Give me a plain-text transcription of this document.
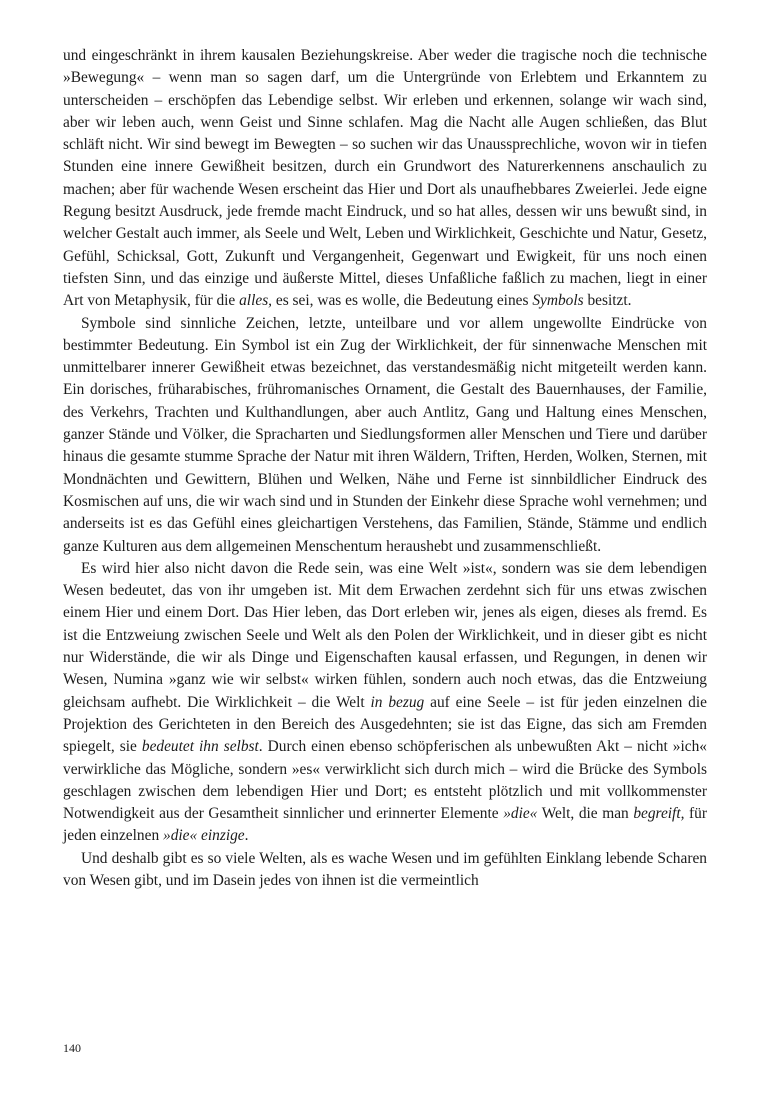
und eingeschränkt in ihrem kausalen Beziehungskreise. Aber weder die tragische noch die technische »Bewegung« – wenn man so sagen darf, um die Untergründe von Erlebtem und Erkanntem zu unterscheiden – erschöpfen das Lebendige selbst. Wir erleben und erkennen, solange wir wach sind, aber wir leben auch, wenn Geist und Sinne schlafen. Mag die Nacht alle Augen schließen, das Blut schläft nicht. Wir sind bewegt im Bewegten – so suchen wir das Unaussprechliche, wovon wir in tiefen Stunden eine innere Gewißheit besitzen, durch ein Grundwort des Naturerkennens anschaulich zu machen; aber für wachende Wesen erscheint das Hier und Dort als unaufhebbares Zweierlei. Jede eigne Regung besitzt Ausdruck, jede fremde macht Eindruck, und so hat alles, dessen wir uns bewußt sind, in welcher Gestalt auch immer, als Seele und Welt, Leben und Wirklichkeit, Geschichte und Natur, Gesetz, Gefühl, Schicksal, Gott, Zukunft und Vergangenheit, Gegenwart und Ewigkeit, für uns noch einen tiefsten Sinn, und das einzige und äußerste Mittel, dieses Unfaßliche faßlich zu machen, liegt in einer Art von Metaphysik, für die alles, es sei, was es wolle, die Bedeutung eines Symbols besitzt.

Symbole sind sinnliche Zeichen, letzte, unteilbare und vor allem ungewollte Eindrücke von bestimmter Bedeutung. Ein Symbol ist ein Zug der Wirklichkeit, der für sinnenwache Menschen mit unmittelbarer innerer Gewißheit etwas bezeichnet, das verstandesmäßig nicht mitgeteilt werden kann. Ein dorisches, früharabisches, frühromanisches Ornament, die Gestalt des Bauernhauses, der Familie, des Verkehrs, Trachten und Kulthandlungen, aber auch Antlitz, Gang und Haltung eines Menschen, ganzer Stände und Völker, die Spracharten und Siedlungsformen aller Menschen und Tiere und darüber hinaus die gesamte stumme Sprache der Natur mit ihren Wäldern, Triften, Herden, Wolken, Sternen, mit Mondnächten und Gewittern, Blühen und Welken, Nähe und Ferne ist sinnbildlicher Eindruck des Kosmischen auf uns, die wir wach sind und in Stunden der Einkehr diese Sprache wohl vernehmen; und anderseits ist es das Gefühl eines gleichartigen Verstehens, das Familien, Stände, Stämme und endlich ganze Kulturen aus dem allgemeinen Menschentum heraushebt und zusammenschließt.

Es wird hier also nicht davon die Rede sein, was eine Welt »ist«, sondern was sie dem lebendigen Wesen bedeutet, das von ihr umgeben ist. Mit dem Erwachen zerdehnt sich für uns etwas zwischen einem Hier und einem Dort. Das Hier leben, das Dort erleben wir, jenes als eigen, dieses als fremd. Es ist die Entzweiung zwischen Seele und Welt als den Polen der Wirklichkeit, und in dieser gibt es nicht nur Widerstände, die wir als Dinge und Eigenschaften kausal erfassen, und Regungen, in denen wir Wesen, Numina »ganz wie wir selbst« wirken fühlen, sondern auch noch etwas, das die Entzweiung gleichsam aufhebt. Die Wirklichkeit – die Welt in bezug auf eine Seele – ist für jeden einzelnen die Projektion des Gerichteten in den Bereich des Ausgedehnten; sie ist das Eigne, das sich am Fremden spiegelt, sie bedeutet ihn selbst. Durch einen ebenso schöpferischen als unbewußten Akt – nicht »ich« verwirkliche das Mögliche, sondern »es« verwirklicht sich durch mich – wird die Brücke des Symbols geschlagen zwischen dem lebendigen Hier und Dort; es entsteht plötzlich und mit vollkommenster Notwendigkeit aus der Gesamtheit sinnlicher und erinnerter Elemente »die« Welt, die man begreift, für jeden einzelnen »die« einzige.

Und deshalb gibt es so viele Welten, als es wache Wesen und im gefühlten Einklang lebende Scharen von Wesen gibt, und im Dasein jedes von ihnen ist die vermeintlich

140
